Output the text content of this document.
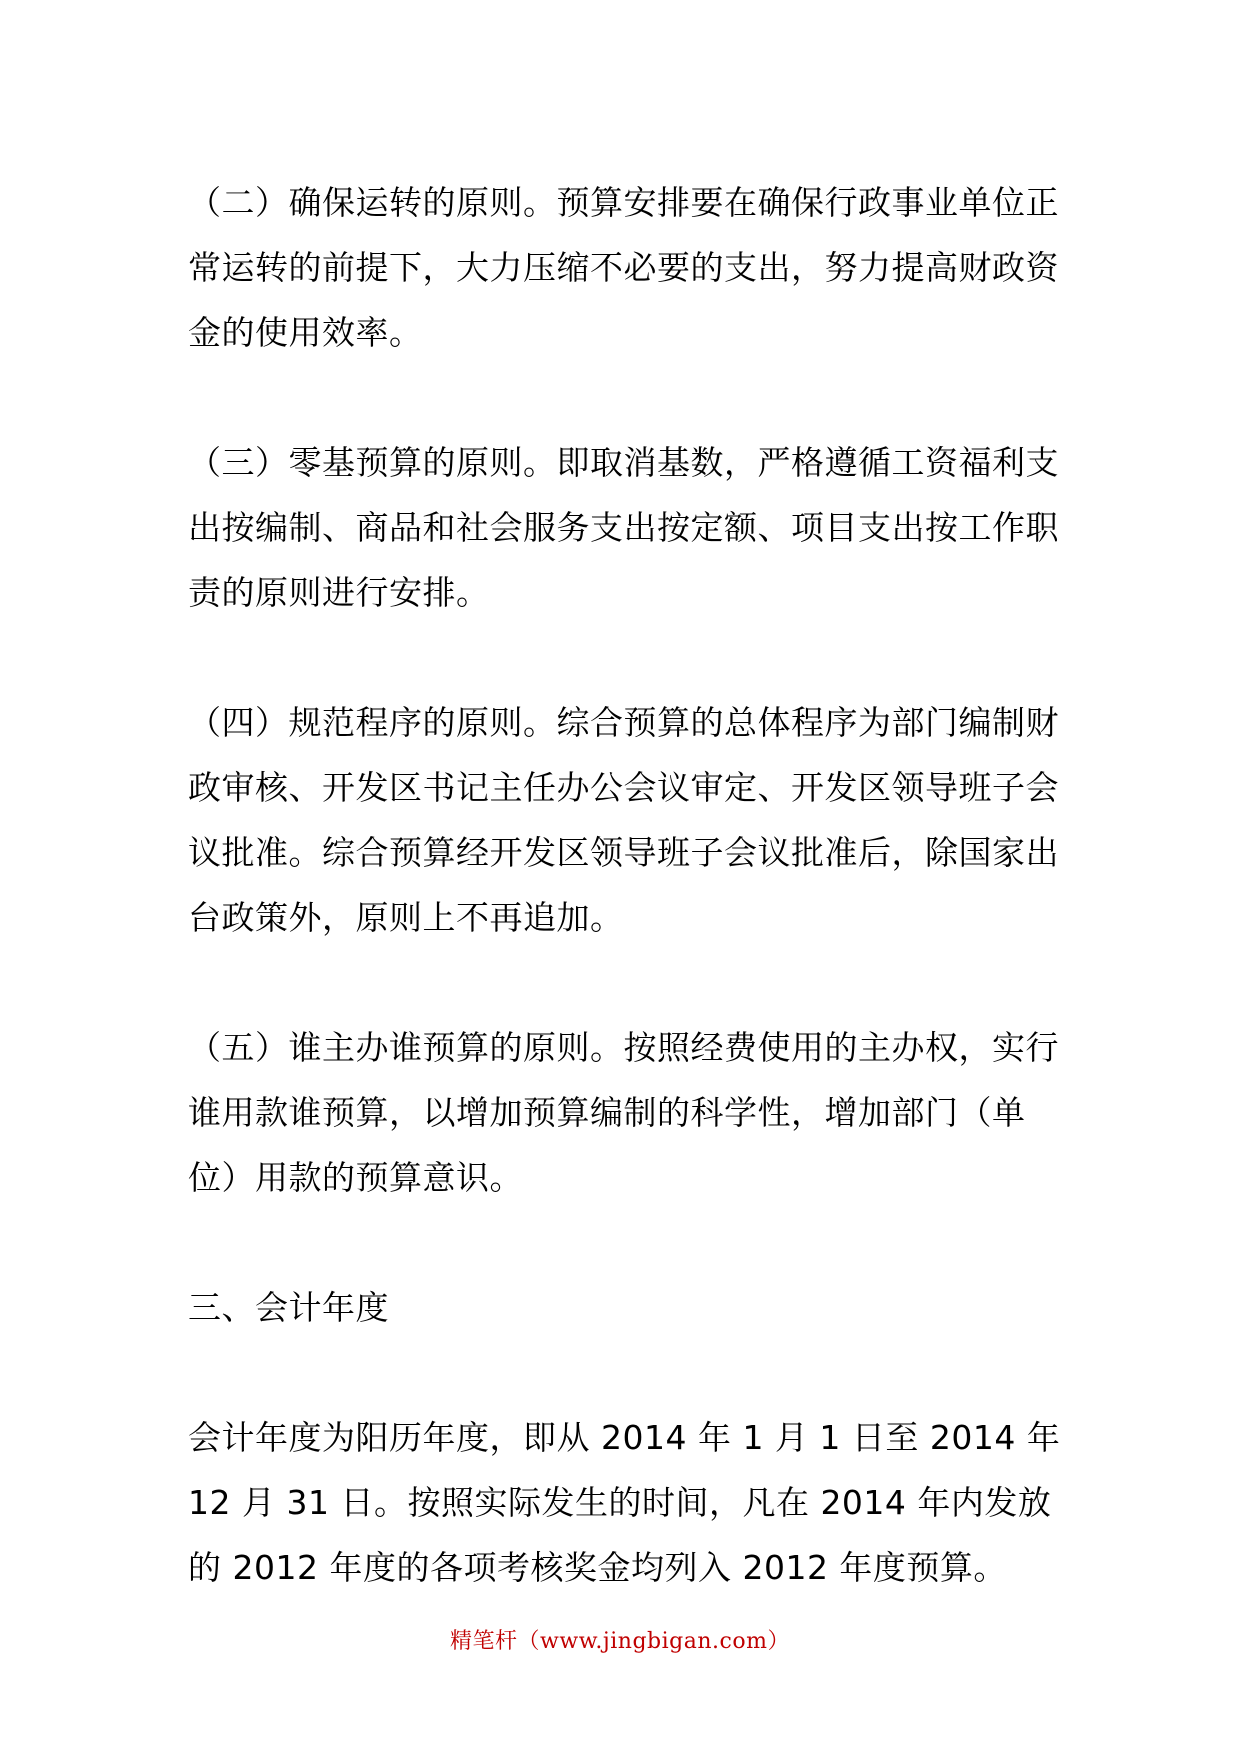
（二）确保运转的原则。预算安排要在确保行政事业单位正常运转的前提下，大力压缩不必要的支出，努力提高财政资金的使用效率。

（三）零基预算的原则。即取消基数，严格遵循工资福利支出按编制、商品和社会服务支出按定额、项目支出按工作职责的原则进行安排。

（四）规范程序的原则。综合预算的总体程序为部门编制财政审核、开发区书记主任办公会议审定、开发区领导班子会议批准。综合预算经开发区领导班子会议批准后，除国家出台政策外，原则上不再追加。

（五）谁主办谁预算的原则。按照经费使用的主办权，实行谁用款谁预算，以增加预算编制的科学性，增加部门（单位）用款的预算意识。

三、会计年度

会计年度为阳历年度，即从 2014 年 1 月 1 日至 2014 年 12 月 31 日。按照实际发生的时间，凡在 2014 年内发放的 2012 年度的各项考核奖金均列入 2012 年度预算。

精笔杆（www.jingbigan.com）
